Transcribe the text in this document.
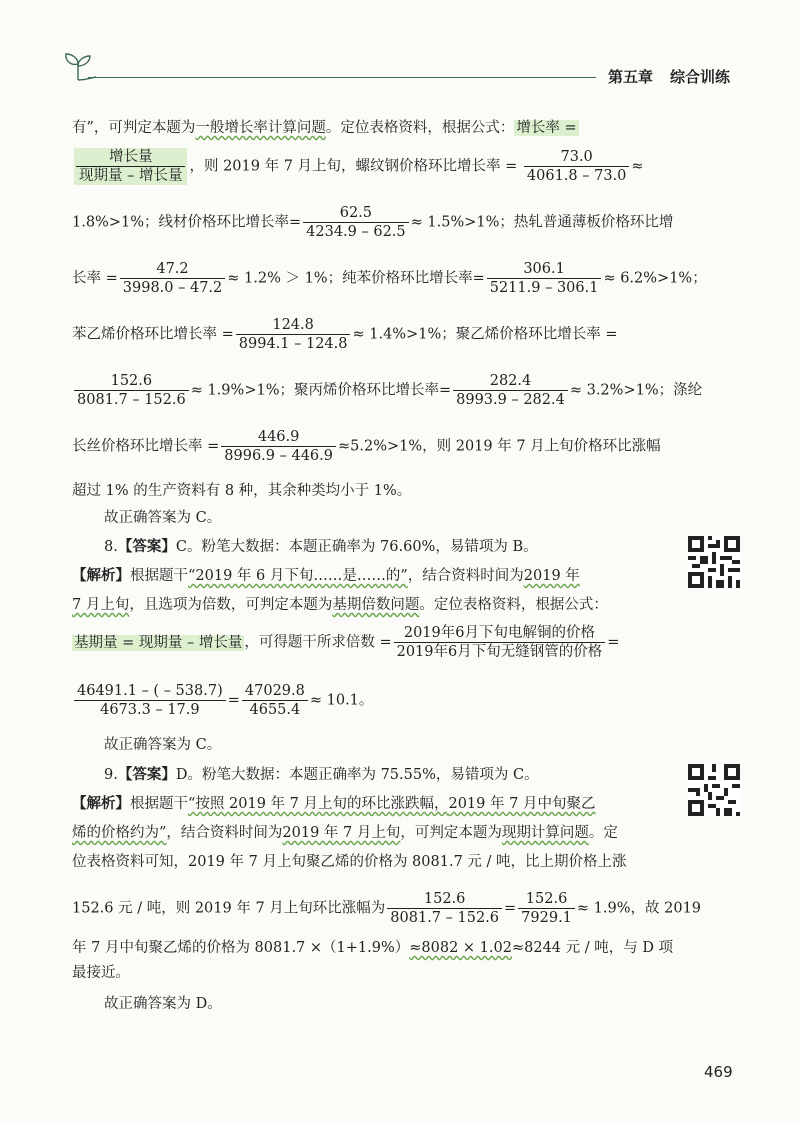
第五章 综合训练
有”，可判定本题为一般增长率计算问题。定位表格资料，根据公式： 增长率 =
$\frac{\text{增长量}}{\text{现期量 – 增长量}}$ ，则 2019 年 7 月上旬，螺纹钢价格环比增长率 = $\frac{73.0}{4061.8 - 73.0}$ ≈
1.8%>1%；线材价格环比增长率= $\frac{62.5}{4234.9 - 62.5} \approx 1.5\%>1\%$；热轧普通薄板价格环比增
长率 = $\frac{47.2}{3998.0 - 47.2} \approx 1.2\% > 1\%$；纯苯价格环比增长率= $\frac{306.1}{5211.9 - 306.1} \approx 6.2\%>1\%$；
苯乙烯价格环比增长率 = $\frac{124.8}{8994.1 - 124.8} \approx 1.4\%>1\%$；聚乙烯价格环比增长率 =
$\frac{152.6}{8081.7 - 152.6} \approx 1.9\%>1\%$；聚丙烯价格环比增长率= $\frac{282.4}{8993.9 - 282.4} \approx 3.2\%>1\%$；涤纶
长丝价格环比增长率 = $\frac{446.9}{8996.9 - 446.9} \approx 5.2\%>1\%$，则 2019 年 7 月上旬价格环比涨幅
超过 1% 的生产资料有 8 种，其余种类均小于 1%。
故正确答案为 C。
8.【答案】C。粉笔大数据：本题正确率为 76.60%，易错项为 B。
【解析】根据题干“2019 年 6 月下旬……是……的”，结合资料时间为2019 年
7 月上旬，且选项为倍数，可判定本题为基期倍数问题。定位表格资料，根据公式：
基期量 = 现期量 – 增长量 ，可得题干所求倍数 = $\frac{\text{2019年6月下旬电解铜的价格}}{\text{2019年6月下旬无缝钢管的价格}}$ =
$\frac{46491.1 - ( - 538.7)}{4673.3 - 17.9} = \frac{47029.8}{4655.4} \approx 10.1$。
故正确答案为 C。
9.【答案】D。粉笔大数据：本题正确率为 75.55%，易错项为 C。
【解析】根据题干“按照 2019 年 7 月上旬的环比涨跌幅，2019 年 7 月中旬聚乙
烯的价格约为”，结合资料时间为2019 年 7 月上旬，可判定本题为现期计算问题。定
位表格资料可知，2019 年 7 月上旬聚乙烯的价格为 8081.7 元 / 吨，比上期价格上涨
152.6 元 / 吨，则 2019 年 7 月上旬环比涨幅为 $\frac{152.6}{8081.7 - 152.6} = \frac{152.6}{7929.1} \approx 1.9\%$，故 2019
年 7 月中旬聚乙烯的价格为 8081.7 ×（1+1.9%）≈8082 × 1.02≈8244 元 / 吨，与 D 项
最接近。
故正确答案为 D。
469
